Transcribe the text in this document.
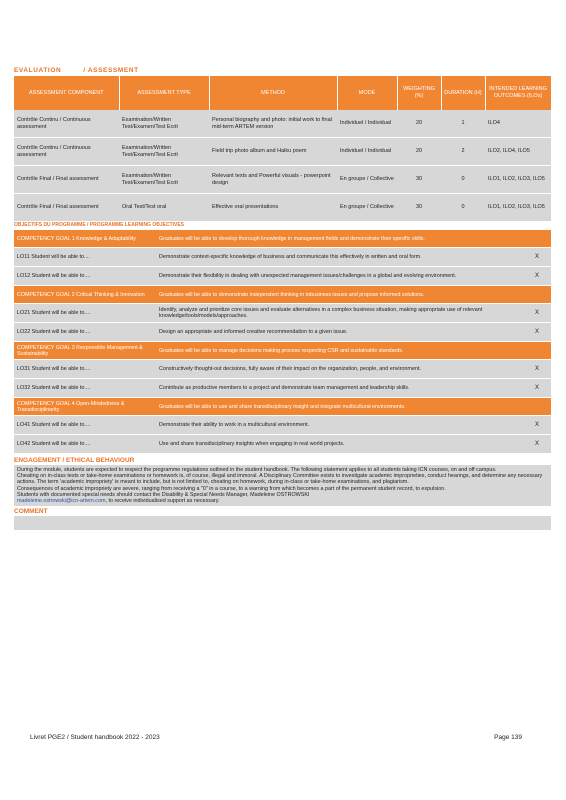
EVALUATION	/ ASSESSMENT
ASSESSMENT COMPONENT	ASSESSMENT TYPE	METHOD	MODE	WEIGHTING (%)	DURATION (H)	INTENDED LEARNING OUTCOMES (ILOs)
Contrôle Continu / Continuous assessment	Examination/Written Test/Examen/Test Ecrit	Personal biography and photo: initial work to final mid-term ARTEM version	Individuel / Individual	20	1	ILO4
Contrôle Continu / Continuous assessment	Examination/Written Test/Examen/Test Ecrit	Field trip photo album and Haiku poem	Individuel / Individual	20	2	ILO2, ILO4, ILO5
Contrôle Final / Final assessment	Examination/Written Test/Examen/Test Ecrit	Relevant texts and Powerful visuals - powerpoint design	En groupe / Collective	30	0	ILO1, ILO2, ILO3, ILO5
Contrôle Final / Final assessment	Oral Test/Test oral	Effective oral presentations	En groupe / Collective	30	0	ILO1, ILO2, ILO3, ILO5
OBJECTIFS DU PROGRAMME / PROGRAMME LEARNING OBJECTIVES
COMPETENCY GOAL 1 Knowledge & Adaptability	Graduates will be able to develop thorough knowledge in management fields and demonstrate their specific skills.
LO11 Student will be able to....	Demonstrate context-specific knowledge of business and communicate this effectively in written and oral form.	X
LO12 Student will be able to....	Demonstrate their flexibility in dealing with unexpected management issues/challenges in a global and evolving environment.	X
COMPETENCY GOAL 2 Critical Thinking & Innovation	Graduates will be able to demonstrate independent thinking in tobusiness issues and propose informed solutions.
LO21 Student will be able to....	Identify, analyze and prioritize core issues and evaluate alternatives in a complex business situation, making appropriate use of relevant knowledge/tools/models/approaches.	X
LO22 Student will be able to....	Design an appropriate and informed creative recommendation to a given issue.	X
COMPETENCY GOAL 3 Responsible Management & Sustainability	Graduates will be able to manage decisions making process respecting CSR and sustainable standards.
LO31 Student will be able to....	Constructively thought-out decisions, fully aware of their impact on the organization, people, and environment.	X
LO32 Student will be able to....	Contribute as productive members to a project and demonstrate team management and leadership skills.	X
COMPETENCY GOAL 4 Open-Mindedness & Transdisciplinarity	Graduates will be able to use and share transdisciplinary insight and integrate multicultural environments.
LO41 Student will be able to....	Demonstrate their ability to work in a multicultural environment.	X
LO42 Student will be able to....	Use and share transdisciplinary insights when engaging in real world projects.	X
ENGAGEMENT / ETHICAL BEHAVIOUR

During the module, students are expected to respect the programme regulations outlined in the student handbook. The following statement applies to all students taking ICN courses, on and off campus.

Cheating on in-class tests or take-home examinations or homework is, of course, illegal and immoral. A Disciplinary Committee exists to investigate academic improprieties, conduct hearings, and determine any necessary actions. The term 'academic impropriety' is meant to include, but is not limited to, cheating on homework, during in-class or take-home examinations, and plagiarism.

Consequences of academic impropriety are severe, ranging from receiving a "0" in a course, to a warning from which becomes a part of the permanent student record, to expulsion.

Students with documented special needs should contact the Disability & Special Needs Manager, Madeleine OSTROWSKI
madeleine.ostrowski@icn-artem.com, to receive individualised support as necessary.

COMMENT
Livret PGE2 / Student handbook 2022 - 2023	Page 139
